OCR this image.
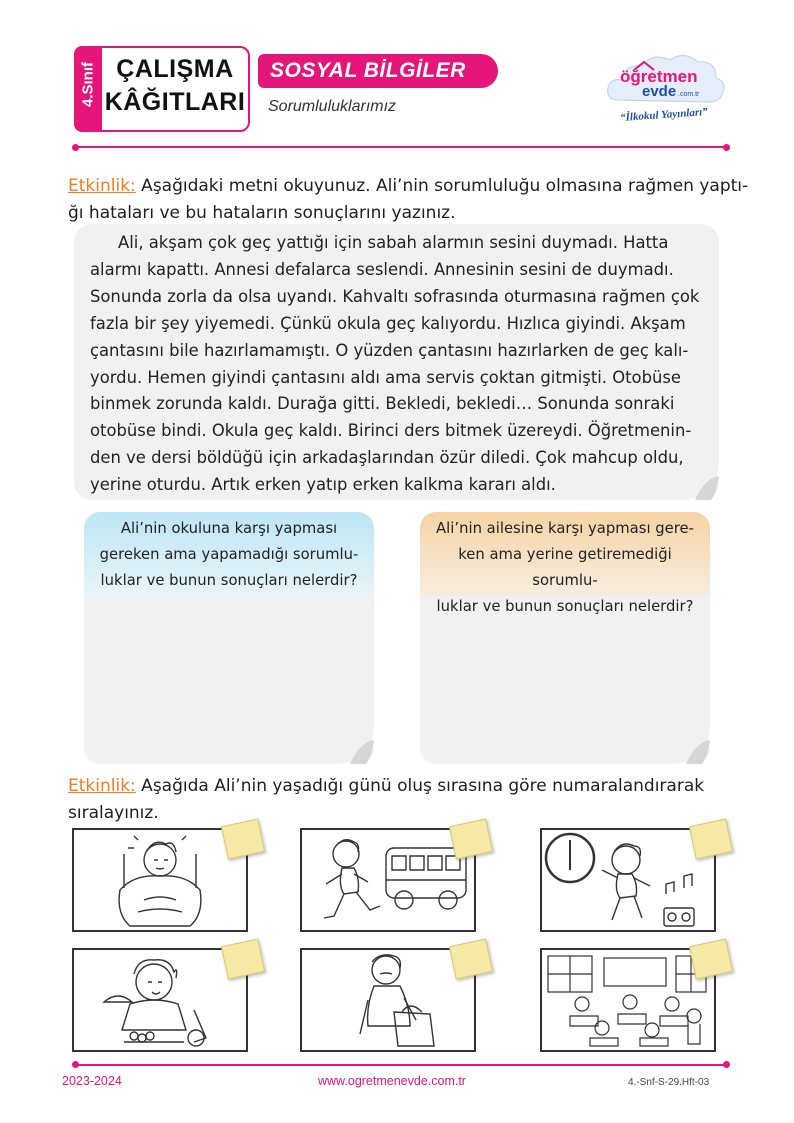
4.Sınıf ÇALIŞMA
KÂĞITLARI
SOSYAL BİLGİLER
Sorumluluklarımız
öğretmen
evde .com.tr
“İlkokul Yayınları”
Etkinlik: Aşağıdaki metni okuyunuz. Ali’nin sorumluluğu olmasına rağmen yaptı-
ğı hataları ve bu hataların sonuçlarını yazınız.

Ali, akşam çok geç yattığı için sabah alarmın sesini duymadı. Hatta

alarmı kapattı. Annesi defalarca seslendi. Annesinin sesini de duymadı.

Sonunda zorla da olsa uyandı. Kahvaltı sofrasında oturmasına rağmen çok

fazla bir şey yiyemedi. Çünkü okula geç kalıyordu. Hızlıca giyindi. Akşam

çantasını bile hazırlamamıştı. O yüzden çantasını hazırlarken de geç kalı-

yordu. Hemen giyindi çantasını aldı ama servis çoktan gitmişti. Otobüse

binmek zorunda kaldı. Durağa gitti. Bekledi, bekledi… Sonunda sonraki

otobüse bindi. Okula geç kaldı. Birinci ders bitmek üzereydi. Öğretmenin-

den ve dersi böldüğü için arkadaşlarından özür diledi. Çok mahcup oldu,

yerine oturdu. Artık erken yatıp erken kalkma kararı aldı.

Ali’nin okuluna karşı yapması
gereken ama yapamadığı sorumlu-
luklar ve bunun sonuçları nelerdir?
Ali’nin ailesine karşı yapması gere-
ken ama yerine getiremediği sorumlu-
luklar ve bunun sonuçları nelerdir?
Etkinlik: Aşağıda Ali’nin yaşadığı günü oluş sırasına göre numaralandırarak
sıralayınız.
2023-2024	www.ogretmenevde.com.tr	4.-Snf-S-29.Hft-03
